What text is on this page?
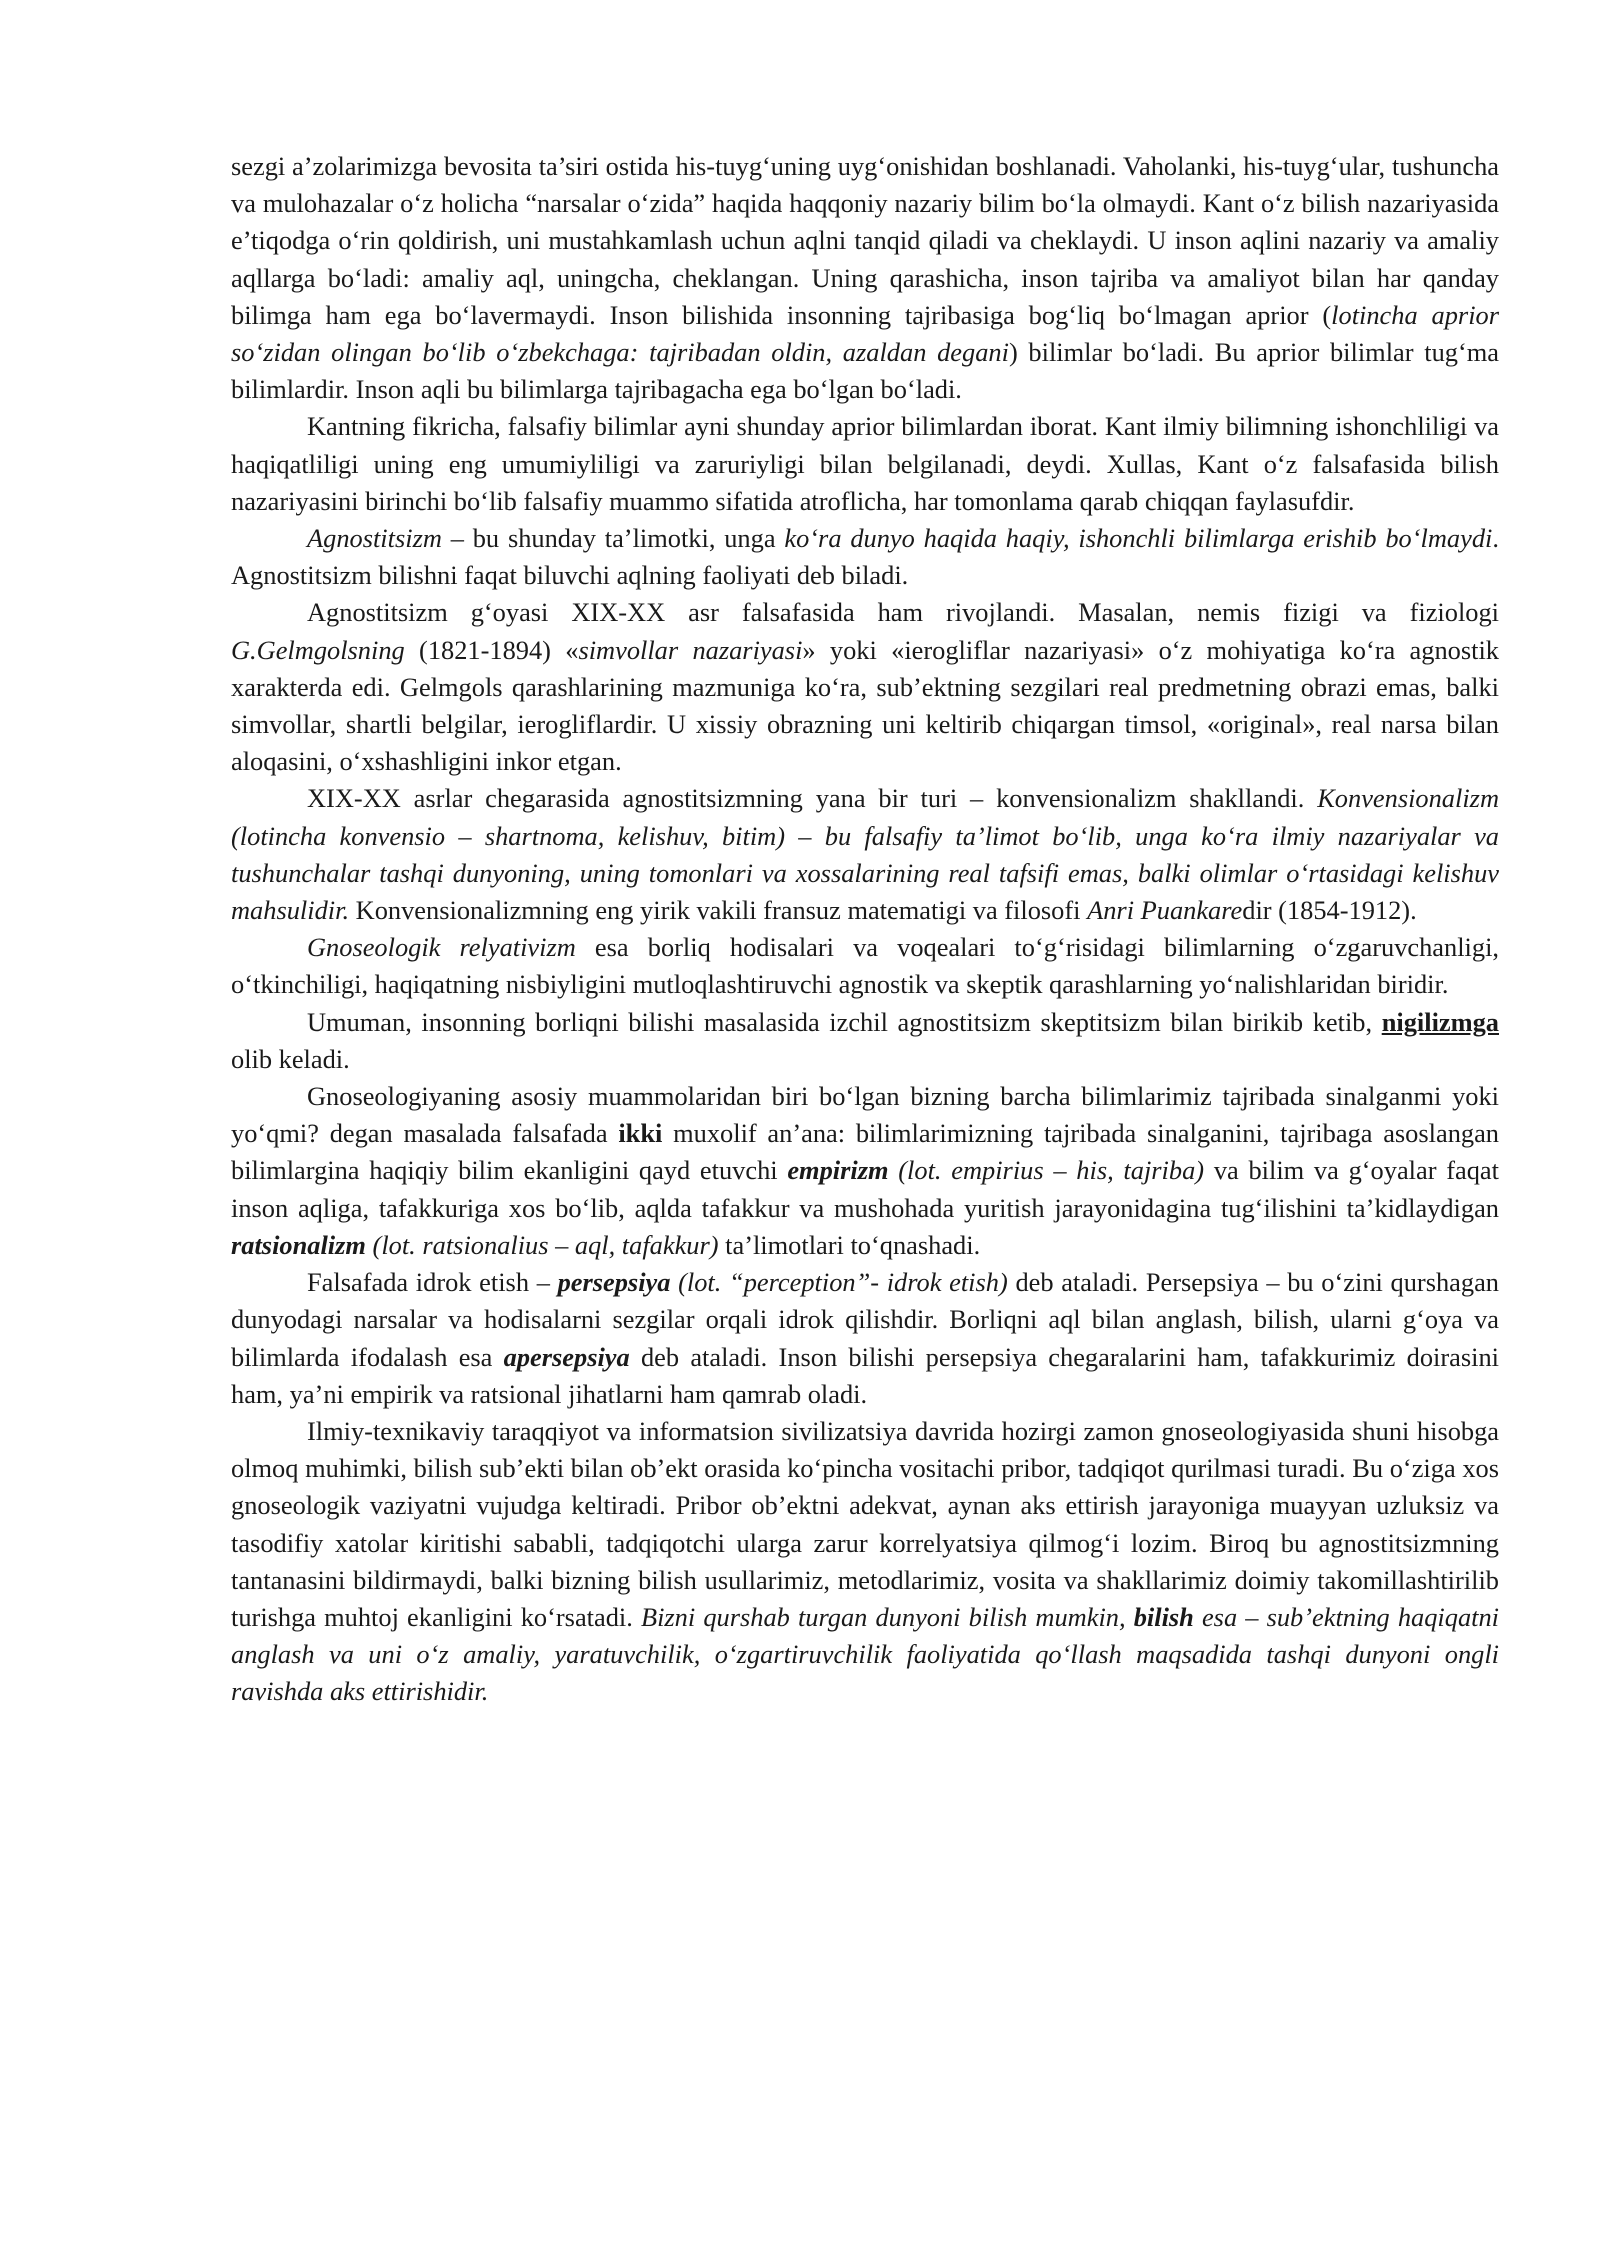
sezgi a’zolarimizga bevosita ta’siri ostida his-tuyg‘uning uyg‘onishidan boshlanadi. Vaholanki, his-tuyg‘ular, tushuncha va mulohazalar o‘z holicha “narsalar o‘zida” haqida haqqoniy nazariy bilim bo‘la olmaydi. Kant o‘z bilish nazariyasida e’tiqodga o‘rin qoldirish, uni mustahkamlash uchun aqlni tanqid qiladi va cheklaydi. U inson aqlini nazariy va amaliy aqllarga bo‘ladi: amaliy aql, uningcha, cheklangan. Uning qarashicha, inson tajriba va amaliyot bilan har qanday bilimga ham ega bo‘lavermaydi. Inson bilishida insonning tajribasiga bog‘liq bo‘lmagan aprior (lotincha aprior so‘zidan olingan bo‘lib o‘zbekchaga: tajribadan oldin, azaldan degani) bilimlar bo‘ladi. Bu aprior bilimlar tug‘ma bilimlardir. Inson aqli bu bilimlarga tajribagacha ega bo‘lgan bo‘ladi.

Kantning fikricha, falsafiy bilimlar ayni shunday aprior bilimlardan iborat. Kant ilmiy bilimning ishonchliligi va haqiqatliligi uning eng umumiyliligi va zaruriyligi bilan belgilanadi, deydi. Xullas, Kant o‘z falsafasida bilish nazariyasini birinchi bo‘lib falsafiy muammo sifatida atroflicha, har tomonlama qarab chiqqan faylasufdir.

Agnostitsizm – bu shunday ta’limotki, unga ko‘ra dunyo haqida haqiy, ishonchli bilimlarga erishib bo‘lmaydi. Agnostitsizm bilishni faqat biluvchi aqlning faoliyati deb biladi.

Agnostitsizm g‘oyasi XIX-XX asr falsafasida ham rivojlandi. Masalan, nemis fizigi va fiziologi G.Gelmgolsning (1821-1894) «simvollar nazariyasi» yoki «ierogliflar nazariyasi» o‘z mohiyatiga ko‘ra agnostik xarakterda edi. Gelmgols qarashlarining mazmuniga ko‘ra, sub’ektning sezgilari real predmetning obrazi emas, balki simvollar, shartli belgilar, ierogliflardir. U xissiy obrazning uni keltirib chiqargan timsol, «original», real narsa bilan aloqasini, o‘xshashligini inkor etgan.

XIX-XX asrlar chegarasida agnostitsizmning yana bir turi – konvensionalizm shakllandi. Konvensionalizm (lotincha konvensio – shartnoma, kelishuv, bitim) – bu falsafiy ta’limot bo‘lib, unga ko‘ra ilmiy nazariyalar va tushunchalar tashqi dunyoning, uning tomonlari va xossalarining real tafsifi emas, balki olimlar o‘rtasidagi kelishuv mahsulidir. Konvensionalizmning eng yirik vakili fransuz matematigi va filosofi Anri Puankaredir (1854-1912).

Gnoseologik relyativizm esa borliq hodisalari va voqealari to‘g‘risidagi bilimlarning o‘zgaruvchanligi, o‘tkinchiligi, haqiqatning nisbiyligini mutloqlashtiruvchi agnostik va skeptik qarashlarning yo‘nalishlaridan biridir.

Umuman, insonning borliqni bilishi masalasida izchil agnostitsizm skeptitsizm bilan birikib ketib, nigilizmga olib keladi.

Gnoseologiyaning asosiy muammolaridan biri bo‘lgan bizning barcha bilimlarimiz tajribada sinalganmi yoki yo‘qmi? degan masalada falsafada ikki muxolif an’ana: bilimlarimizning tajribada sinalganini, tajribaga asoslangan bilimlargina haqiqiy bilim ekanligini qayd etuvchi empirizm (lot. empirius – his, tajriba) va bilim va g‘oyalar faqat inson aqliga, tafakkuriga xos bo‘lib, aqlda tafakkur va mushohada yuritish jarayonidagina tug‘ilishini ta’kidlaydigan ratsionalizm (lot. ratsionalius – aql, tafakkur) ta’limotlari to‘qnashadi.

Falsafada idrok etish – persepsiya (lot. “perception”- idrok etish) deb ataladi. Persepsiya – bu o‘zini qurshagan dunyodagi narsalar va hodisalarni sezgilar orqali idrok qilishdir. Borliqni aql bilan anglash, bilish, ularni g‘oya va bilimlarda ifodalash esa apersepsiya deb ataladi. Inson bilishi persepsiya chegaralarini ham, tafakkurimiz doirasini ham, ya’ni empirik va ratsional jihatlarni ham qamrab oladi.

Ilmiy-texnikaviy taraqqiyot va informatsion sivilizatsiya davrida hozirgi zamon gnoseologiyasida shuni hisobga olmoq muhimki, bilish sub’ekti bilan ob’ekt orasida ko‘pincha vositachi pribor, tadqiqot qurilmasi turadi. Bu o‘ziga xos gnoseologik vaziyatni vujudga keltiradi. Pribor ob’ektni adekvat, aynan aks ettirish jarayoniga muayyan uzluksiz va tasodifiy xatolar kiritishi sababli, tadqiqotchi ularga zarur korrelyatsiya qilmog‘i lozim. Biroq bu agnostitsizmning tantanasini bildirmaydi, balki bizning bilish usullarimiz, metodlarimiz, vosita va shakllarimiz doimiy takomillashtirilib turishga muhtoj ekanligini ko‘rsatadi. Bizni qurshab turgan dunyoni bilish mumkin, bilish esa – sub’ektning haqiqatni anglash va uni o‘z amaliy, yaratuvchilik, o‘zgartiruvchilik faoliyatida qo‘llash maqsadida tashqi dunyoni ongli ravishda aks ettirishidir.
